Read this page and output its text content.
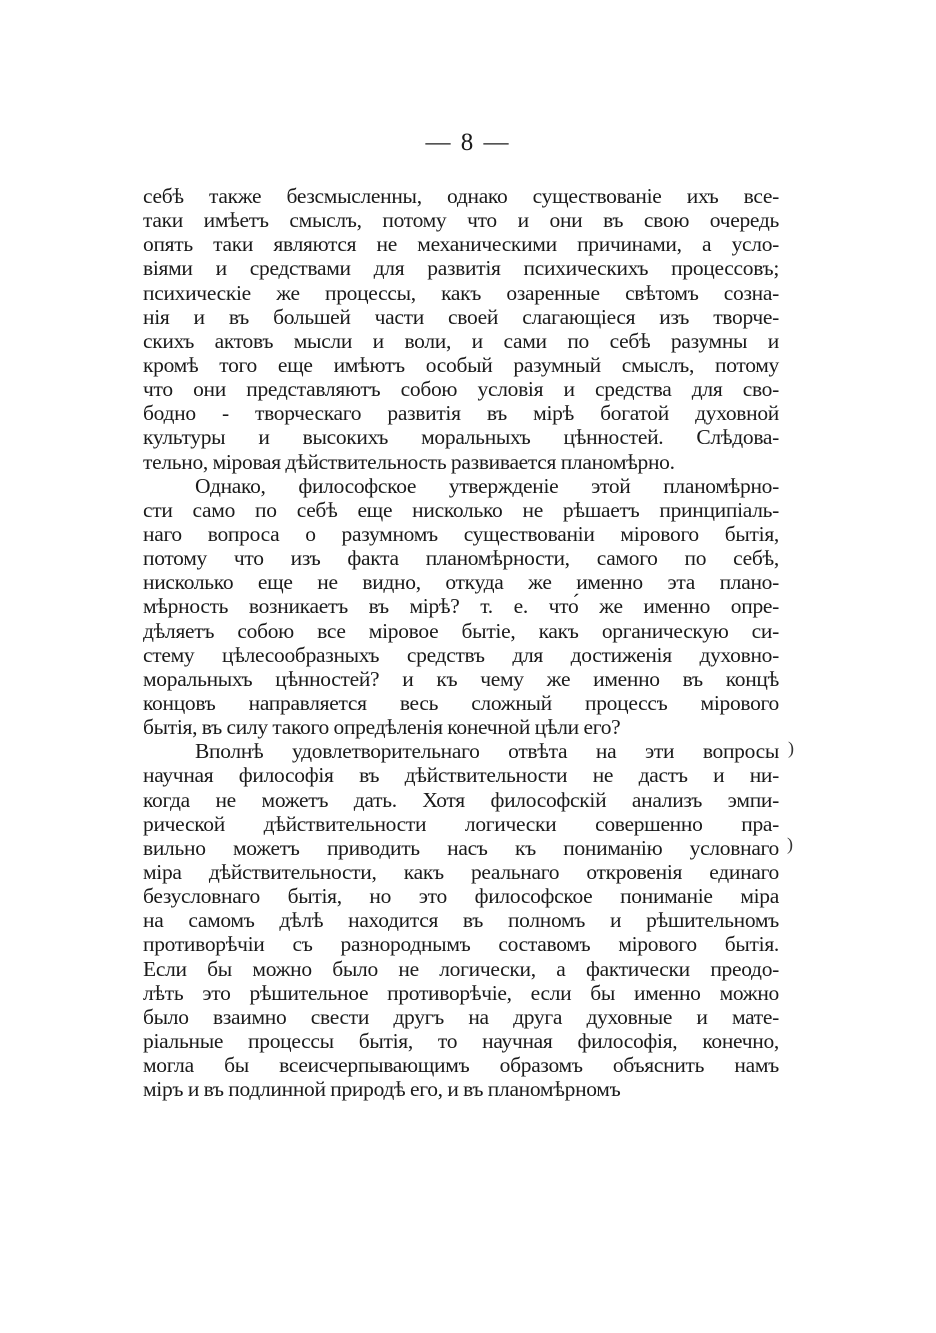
— 8 —
себѣ также безсмысленны, однако существованіе ихъ все-
таки имѣетъ смыслъ, потому что и они въ свою очередь
опять таки являются не механическими причинами, а усло-
віями и средствами для развитія психическихъ процессовъ;
психическіе же процессы, какъ озаренные свѣтомъ созна-
нія и въ большей части своей слагающіеся изъ творче-
скихъ актовъ мысли и воли, и сами по себѣ разумны и
кромѣ того еще имѣютъ особый разумный смыслъ, потому
что они представляютъ собою условія и средства для сво-
бодно - творческаго развитія въ мірѣ богатой духовной
культуры и высокихъ моральныхъ цѣнностей. Слѣдова-
тельно, міровая дѣйствительность развивается планомѣрно.
Однако, философское утвержденіе этой планомѣрно-
сти само по себѣ еще нисколько не рѣшаетъ принципіаль-
наго вопроса о разумномъ существованіи мірового бытія,
потому что изъ факта планомѣрности, самого по себѣ,
нисколько еще не видно, откуда же именно эта плано-
мѣрность возникаетъ въ мірѣ? т. е. что́ же именно опре-
дѣляетъ собою все міровое бытіе, какъ органическую си-
стему цѣлесообразныхъ средствъ для достиженія духовно-
моральныхъ цѣнностей? и къ чему же именно въ концѣ
концовъ направляется весь сложный процессъ мірового
бытія, въ силу такого опредѣленія конечной цѣли его?
Вполнѣ удовлетворительнаго отвѣта на эти вопросы
научная философія въ дѣйствительности не дастъ и ни-
когда не можетъ дать. Хотя философскій анализъ эмпи-
рической дѣйствительности логически совершенно пра-
вильно можетъ приводить насъ къ пониманію условнаго
міра дѣйствительности, какъ реальнаго откровенія единаго
безусловнаго бытія, но это философское пониманіе міра
на самомъ дѣлѣ находится въ полномъ и рѣшительномъ
противорѣчіи съ разнороднымъ составомъ мірового бытія.
Если бы можно было не логически, а фактически преодо-
лѣть это рѣшительное противорѣчіе, если бы именно можно
было взаимно свести другъ на друга духовные и мате-
ріальные процессы бытія, то научная философія, конечно,
могла бы всеисчерпывающимъ образомъ объяснить намъ
міръ и въ подлинной природѣ его, и въ планомѣрномъ
)
)
